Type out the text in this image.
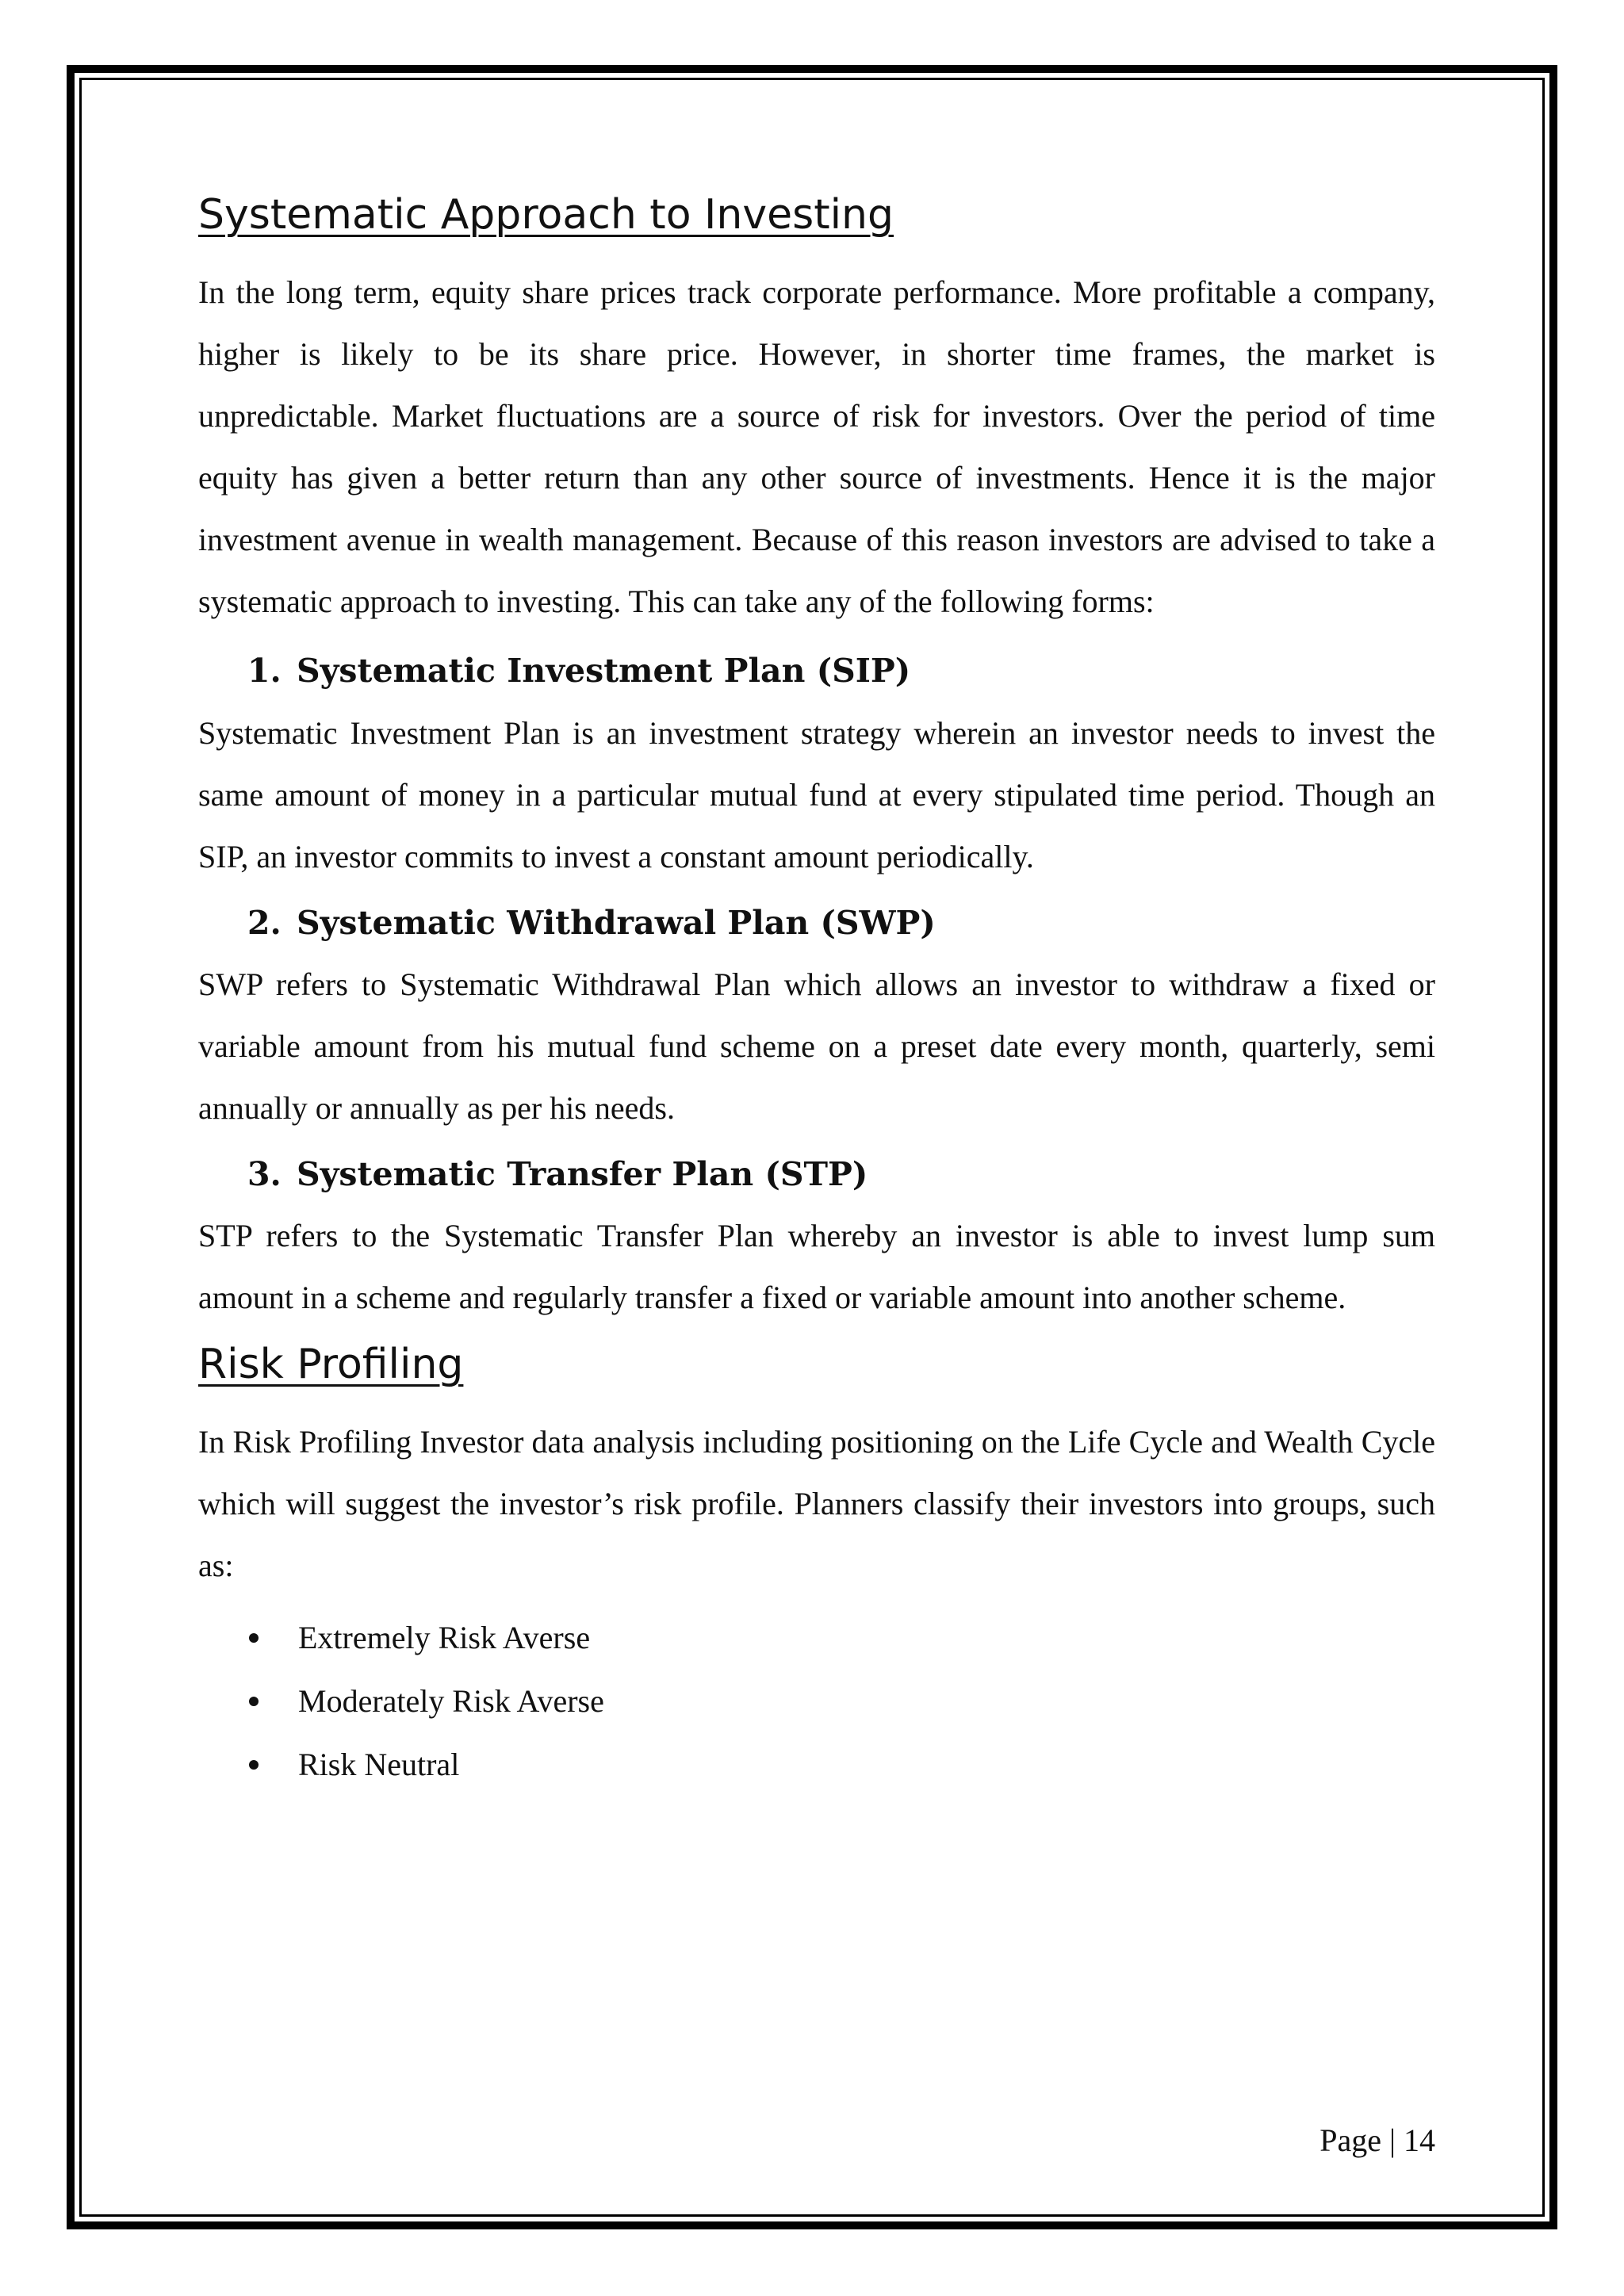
Systematic Approach to Investing

In the long term, equity share prices track corporate performance. More profitable a company, higher is likely to be its share price. However, in shorter time frames, the market is unpredictable. Market fluctuations are a source of risk for investors. Over the period of time equity has given a better return than any other source of investments. Hence it is the major investment avenue in wealth management. Because of this reason investors are advised to take a systematic approach to investing. This can take any of the following forms:

1. Systematic Investment Plan (SIP)

Systematic Investment Plan is an investment strategy wherein an investor needs to invest the same amount of money in a particular mutual fund at every stipulated time period. Though an SIP, an investor commits to invest a constant amount periodically.

2. Systematic Withdrawal Plan (SWP)

SWP refers to Systematic Withdrawal Plan which allows an investor to withdraw a fixed or variable amount from his mutual fund scheme on a preset date every month, quarterly, semi annually or annually as per his needs.

3. Systematic Transfer Plan (STP)

STP refers to the Systematic Transfer Plan whereby an investor is able to invest lump sum amount in a scheme and regularly transfer a fixed or variable amount into another scheme.

Risk Profiling

In Risk Profiling Investor data analysis including positioning on the Life Cycle and Wealth Cycle which will suggest the investor’s risk profile. Planners classify their investors into groups, such as:

Extremely Risk Averse
Moderately Risk Averse
Risk Neutral
Page | 14
